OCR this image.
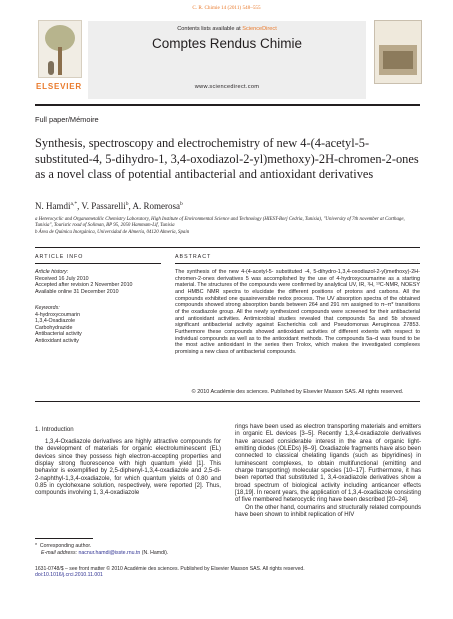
C. R. Chimie 14 (2011) 548–555
ELSEVIER
Contents lists available at ScienceDirect
Comptes Rendus Chimie
www.sciencedirect.com
Full paper/Mémoire
Synthesis, spectroscopy and electrochemistry of new 4-(4-acetyl-5-substituted-4, 5-dihydro-1, 3,4-oxodiazol-2-yl)methoxy)-2H-chromen-2-ones as a novel class of potential antibacterial and antioxidant derivatives
N. Hamdi$^{a,*}$, V. Passarelli$^b$, A. Romerosa$^b$
a Heterocyclic and Organometallic Chemistry Laboratory, High Institute of Environmental Science and Technology (HIEST-Borj Cedria, Tunisia), "University of 7th november at Carthage, Tunisia", Touristic road of Soliman, BP 95, 2050 Hammam-Lif, Tunisia
b Área de Química Inorgánica, Universidad de Almería, 04120 Almería, Spain
ARTICLE INFO
Article history:
Received 16 July 2010
Accepted after revision 2 November 2010
Available online 31 December 2010
Keywords:
4-hydroxycoumarin
1,3,4-Oxadiazole
Carbohydrazide
Antibacterial activity
Antioxidant activity
ABSTRACT
The synthesis of the new 4-(4-acetyl-5- substituted -4, 5-dihydro-1,3,4-oxodiazol-2-yl)methoxy)-2H-chromen-2-ones derivatives 5 was accomplished by the use of 4-hydroxycoumarine as a starting material. The structures of the compounds were confirmed by analytical UV, IR, ¹H, ¹³C-NMR, NOESY and HMBC NMR spectra to elucidate the different positions of protons and carbons. All the compounds exhibited one quasireversible redox process. The UV absorption spectra of the obtained compounds showed strong absorption bands between 264 and 291 nm assigned to π–π* transitions of the oxadiazole group. All the newly synthesized compounds were screened for their antibacterial and antioxidant activities. Antimicrobial studies revealed that compounds 5a and 5b showed significant antibacterial activity against Escherichia coli and Pseudomonas Aeruginosa 27853. Furthermore these compounds showed antioxidant activities of different extents with respect to individual compounds as well as to the antioxidant methods. The compounds 5a–d was found to be the most active antioxidant in the series then Trolox, which makes the investigated complexes promising a new class of antibacterial compounds.
© 2010 Académie des sciences. Published by Elsevier Masson SAS. All rights reserved.
1. Introduction

1,3,4-Oxadiazole derivatives are highly attractive compounds for the development of materials for organic electroluminescent (EL) devices since they possess high electron-accepting properties and display strong fluorescence with high quantum yield [1]. This behavior is exemplified by 2,5-diphenyl-1,3,4-oxadiazole and 2,5-di-2-naphthyl-1,3,4-oxadiazole, for which quantum yields of 0.80 and 0.85 in cyclohexane solution, respectively, were reported [2]. Thus, compounds involving 1, 3,4-oxadiazole

rings have been used as electron transporting materials and emitters in organic EL devices [3–5]. Recently 1,3,4-oxadiazole derivatives have aroused considerable interest in the area of organic light-emitting diodes (OLEDs) [6–9]. Oxadiazole fragments have also been connected to classical chelating ligands (such as bipyridines) in luminescent complexes, to obtain multifunctional (emitting and charge transporting) molecular species [10–17]. Furthermore, it has been reported that substituted 1, 3,4-oxadiazole derivatives show a broad spectrum of biological activity including anticancer effects [18,19]. In recent years, the application of 1,3,4-oxadiazole consisting of five membered heterocyclic ring have been described [20–24].

On the other hand, coumarins and structurally related compounds have been shown to inhibit replication of HIV

* Corresponding author.
E-mail address: nacnur.hamdi@isste.rnu.tn (N. Hamdi).
1631-0748/$ – see front matter © 2010 Académie des sciences. Published by Elsevier Masson SAS. All rights reserved.
doi:10.1016/j.crci.2010.11.001
